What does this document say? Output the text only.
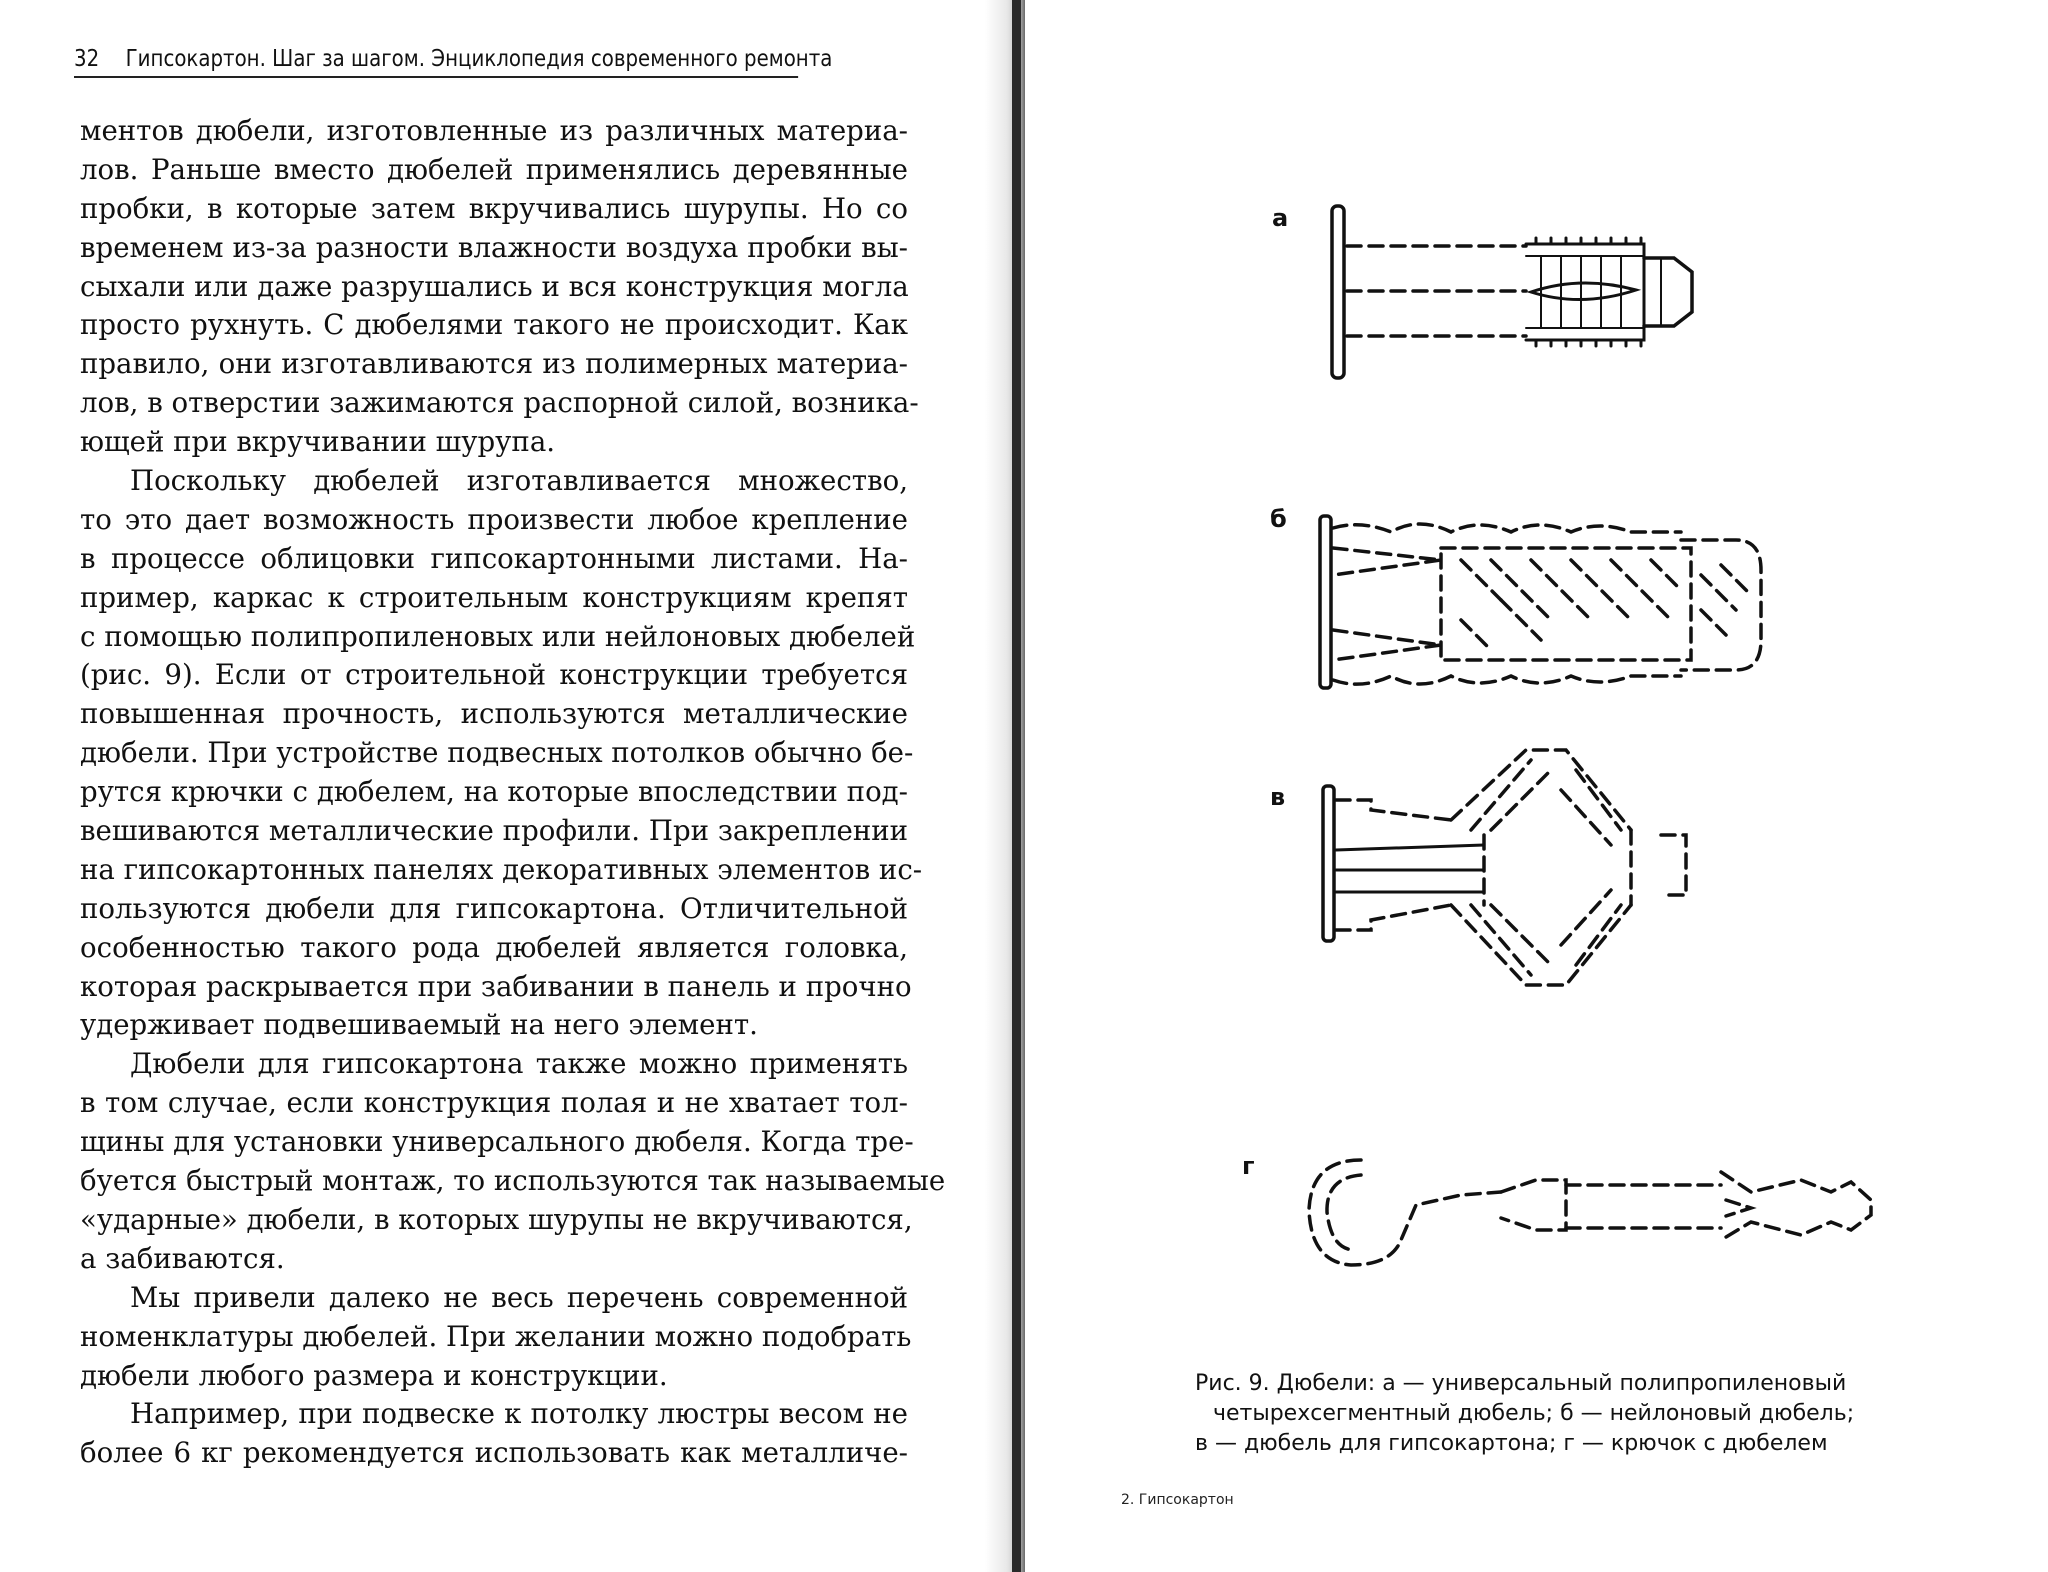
32 Гипсокартон. Шаг за шагом. Энциклопедия современного ремонта
ментов дюбели, изготовленные из различных материа-
лов. Раньше вместо дюбелей применялись деревянные
пробки, в которые затем вкручивались шурупы. Но со
временем из-за разности влажности воздуха пробки вы-
сыхали или даже разрушались и вся конструкция могла
просто рухнуть. С дюбелями такого не происходит. Как
правило, они изготавливаются из полимерных материа-
лов, в отверстии зажимаются распорной силой, возника-
ющей при вкручивании шурупа.
Поскольку дюбелей изготавливается множество,
то это дает возможность произвести любое крепление
в процессе облицовки гипсокартонными листами. На-
пример, каркас к строительным конструкциям крепят
с помощью полипропиленовых или нейлоновых дюбелей
(рис. 9). Если от строительной конструкции требуется
повышенная прочность, используются металлические
дюбели. При устройстве подвесных потолков обычно бе-
рутся крючки с дюбелем, на которые впоследствии под-
вешиваются металлические профили. При закреплении
на гипсокартонных панелях декоративных элементов ис-
пользуются дюбели для гипсокартона. Отличительной
особенностью такого рода дюбелей является головка,
которая раскрывается при забивании в панель и прочно
удерживает подвешиваемый на него элемент.
Дюбели для гипсокартона также можно применять
в том случае, если конструкция полая и не хватает тол-
щины для установки универсального дюбеля. Когда тре-
буется быстрый монтаж, то используются так называемые
«ударные» дюбели, в которых шурупы не вкручиваются,
а забиваются.
Мы привели далеко не весь перечень современной
номенклатуры дюбелей. При желании можно подобрать
дюбели любого размера и конструкции.
Например, при подвеске к потолку люстры весом не
более 6 кг рекомендуется использовать как металличе-
а
б
в
г
Рис. 9. Дюбели: а — универсальный полипропиленовый
четырехсегментный дюбель; б — нейлоновый дюбель;
в — дюбель для гипсокартона; г — крючок с дюбелем
2. Гипсокартон
